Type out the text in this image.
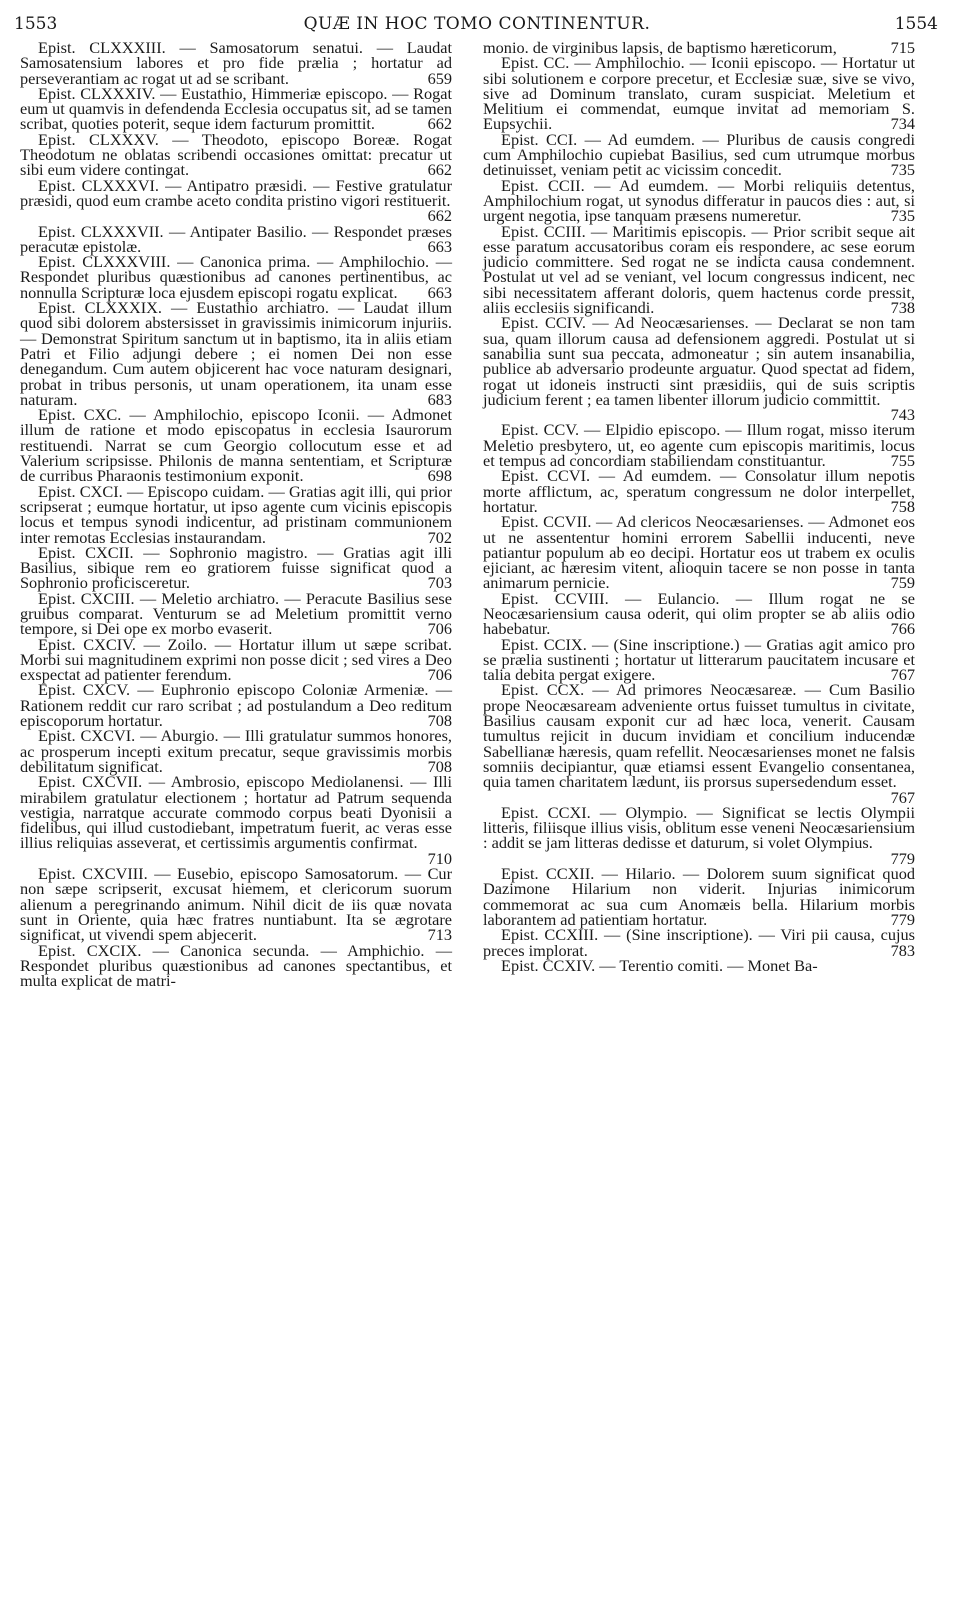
1553	QUÆ IN HOC TOMO CONTINENTUR.	1554

Epist. CLXXXIII. — Samosatorum senatui. — Laudat Samosatensium labores et pro fide prælia ; hortatur ad perseverantiam ac rogat ut ad se scribant.	659

Epist. CLXXXIV. — Eustathio, Himmeriæ episcopo. — Rogat eum ut quamvis in defendenda Ecclesia occupatus sit, ad se tamen scribat, quoties poterit, seque idem facturum promittit.	662

Epist. CLXXXV. — Theodoto, episcopo Boreæ. Rogat Theodotum ne oblatas scribendi occasiones omittat: precatur ut sibi eum videre contingat.	662

Epist. CLXXXVI. — Antipatro præsidi. — Festive gratulatur præsidi, quod eum crambe aceto condita pristino vigori restituerit.
662

Epist. CLXXXVII. — Antipater Basilio. — Respondet præses peracutæ epistolæ.	663

Epist. CLXXXVIII. — Canonica prima. — Amphilochio. — Respondet pluribus quæstionibus ad canones pertinentibus, ac nonnulla Scripturæ loca ejusdem episcopi rogatu explicat.	663

Epist. CLXXXIX. — Eustathio archiatro. — Laudat illum quod sibi dolorem abstersisset in gravissimis inimicorum injuriis. — Demonstrat Spiritum sanctum ut in baptismo, ita in aliis etiam Patri et Filio adjungi debere ; ei nomen Dei non esse denegandum. Cum autem objicerent hac voce naturam designari, probat in tribus personis, ut unam operationem, ita unam esse naturam.	683

Epist. CXC. — Amphilochio, episcopo Iconii. — Admonet illum de ratione et modo episcopatus in ecclesia Isaurorum restituendi. Narrat se cum Georgio collocutum esse et ad Valerium scripsisse. Philonis de manna sententiam, et Scripturæ de curribus Pharaonis testimonium exponit.	698

Epist. CXCI. — Episcopo cuidam. — Gratias agit illi, qui prior scripserat ; eumque hortatur, ut ipso agente cum vicinis episcopis locus et tempus synodi indicentur, ad pristinam communionem inter remotas Ecclesias instaurandam.	702

Epist. CXCII. — Sophronio magistro. — Gratias agit illi Basilius, sibique rem eo gratiorem fuisse significat quod a Sophronio proficisceretur.	703

Epist. CXCIII. — Meletio archiatro. — Peracute Basilius sese gruibus comparat. Venturum se ad Meletium promittit verno tempore, si Dei ope ex morbo evaserit.	706

Epist. CXCIV. — Zoilo. — Hortatur illum ut sæpe scribat. Morbi sui magnitudinem exprimi non posse dicit ; sed vires a Deo exspectat ad patienter ferendum.	706

Epist. CXCV. — Euphronio episcopo Coloniæ Armeniæ. — Rationem reddit cur raro scribat ; ad postulandum a Deo reditum episcoporum hortatur.	708

Epist. CXCVI. — Aburgio. — Illi gratulatur summos honores, ac prosperum incepti exitum precatur, seque gravissimis morbis debilitatum significat.	708

Epist. CXCVII. — Ambrosio, episcopo Mediolanensi. — Illi mirabilem gratulatur electionem ; hortatur ad Patrum sequenda vestigia, narratque accurate commodo corpus beati Dyonisii a fidelibus, qui illud custodiebant, impetratum fuerit, ac veras esse illius reliquias asseverat, et certissimis argumentis confirmat.
710

Epist. CXCVIII. — Eusebio, episcopo Samosatorum. — Cur non sæpe scripserit, excusat hiemem, et clericorum suorum alienum a peregrinando animum. Nihil dicit de iis quæ novata sunt in Oriente, quia hæc fratres nuntiabunt. Ita se ægrotare significat, ut vivendi spem abjecerit.	713

Epist. CXCIX. — Canonica secunda. — Amphichio. — Respondet pluribus quæstionibus ad canones spectantibus, et multa explicat de matri-

monio. de virginibus lapsis, de baptismo hæreticorum,	715

Epist. CC. — Amphilochio. — Iconii episcopo. — Hortatur ut sibi solutionem e corpore precetur, et Ecclesiæ suæ, sive se vivo, sive ad Dominum translato, curam suspiciat. Meletium et Melitium ei commendat, eumque invitat ad memoriam S. Eupsychii.	734

Epist. CCI. — Ad eumdem. — Pluribus de causis congredi cum Amphilochio cupiebat Basilius, sed cum utrumque morbus detinuisset, veniam petit ac vicissim concedit.	735

Epist. CCII. — Ad eumdem. — Morbi reliquiis detentus, Amphilochium rogat, ut synodus differatur in paucos dies : aut, si urgent negotia, ipse tanquam præsens numeretur.	735

Epist. CCIII. — Maritimis episcopis. — Prior scribit seque ait esse paratum accusatoribus coram eis respondere, ac sese eorum judicio committere. Sed rogat ne se indicta causa condemnent. Postulat ut vel ad se veniant, vel locum congressus indicent, nec sibi necessitatem afferant doloris, quem hactenus corde pressit, aliis ecclesiis significandi.	738

Epist. CCIV. — Ad Neocæsarienses. — Declarat se non tam sua, quam illorum causa ad defensionem aggredi. Postulat ut si sanabilia sunt sua peccata, admoneatur ; sin autem insanabilia, publice ab adversario prodeunte arguatur. Quod spectat ad fidem, rogat ut idoneis instructi sint præsidiis, qui de suis scriptis judicium ferent ; ea tamen libenter illorum judicio committit.
743

Epist. CCV. — Elpidio episcopo. — Illum rogat, misso iterum Meletio presbytero, ut, eo agente cum episcopis maritimis, locus et tempus ad concordiam stabiliendam constituantur.	755

Epist. CCVI. — Ad eumdem. — Consolatur illum nepotis morte afflictum, ac, speratum congressum ne dolor interpellet, hortatur.	758

Epist. CCVII. — Ad clericos Neocæsarienses. — Admonet eos ut ne assententur homini errorem Sabellii inducenti, neve patiantur populum ab eo decipi. Hortatur eos ut trabem ex oculis ejiciant, ac hæresim vitent, alioquin tacere se non posse in tanta animarum pernicie.	759

Epist. CCVIII. — Eulancio. — Illum rogat ne se Neocæsariensium causa oderit, qui olim propter se ab aliis odio habebatur.	766

Epist. CCIX. — (Sine inscriptione.) — Gratias agit amico pro se prælia sustinenti ; hortatur ut litterarum paucitatem incusare et talia debita pergat exigere.	767

Epist. CCX. — Ad primores Neocæsareæ. — Cum Basilio prope Neocæsaream adveniente ortus fuisset tumultus in civitate, Basilius causam exponit cur ad hæc loca, venerit. Causam tumultus rejicit in ducum invidiam et concilium inducendæ Sabellianæ hæresis, quam refellit. Neocæsarienses monet ne falsis somniis decipiantur, quæ etiamsi essent Evangelio consentanea, quia tamen charitatem lædunt, iis prorsus supersedendum esset.
767

Epist. CCXI. — Olympio. — Significat se lectis Olympii litteris, filiisque illius visis, oblitum esse veneni Neocæsariensium : addit se jam litteras dedisse et daturum, si volet Olympius.
779

Epist. CCXII. — Hilario. — Dolorem suum significat quod Dazimone Hilarium non viderit. Injurias inimicorum commemorat ac sua cum Anomæis bella. Hilarium morbis laborantem ad patientiam hortatur.	779

Epist. CCXIII. — (Sine inscriptione). — Viri pii causa, cujus preces implorat.	783

Epist. CCXIV. — Terentio comiti. — Monet Ba-
